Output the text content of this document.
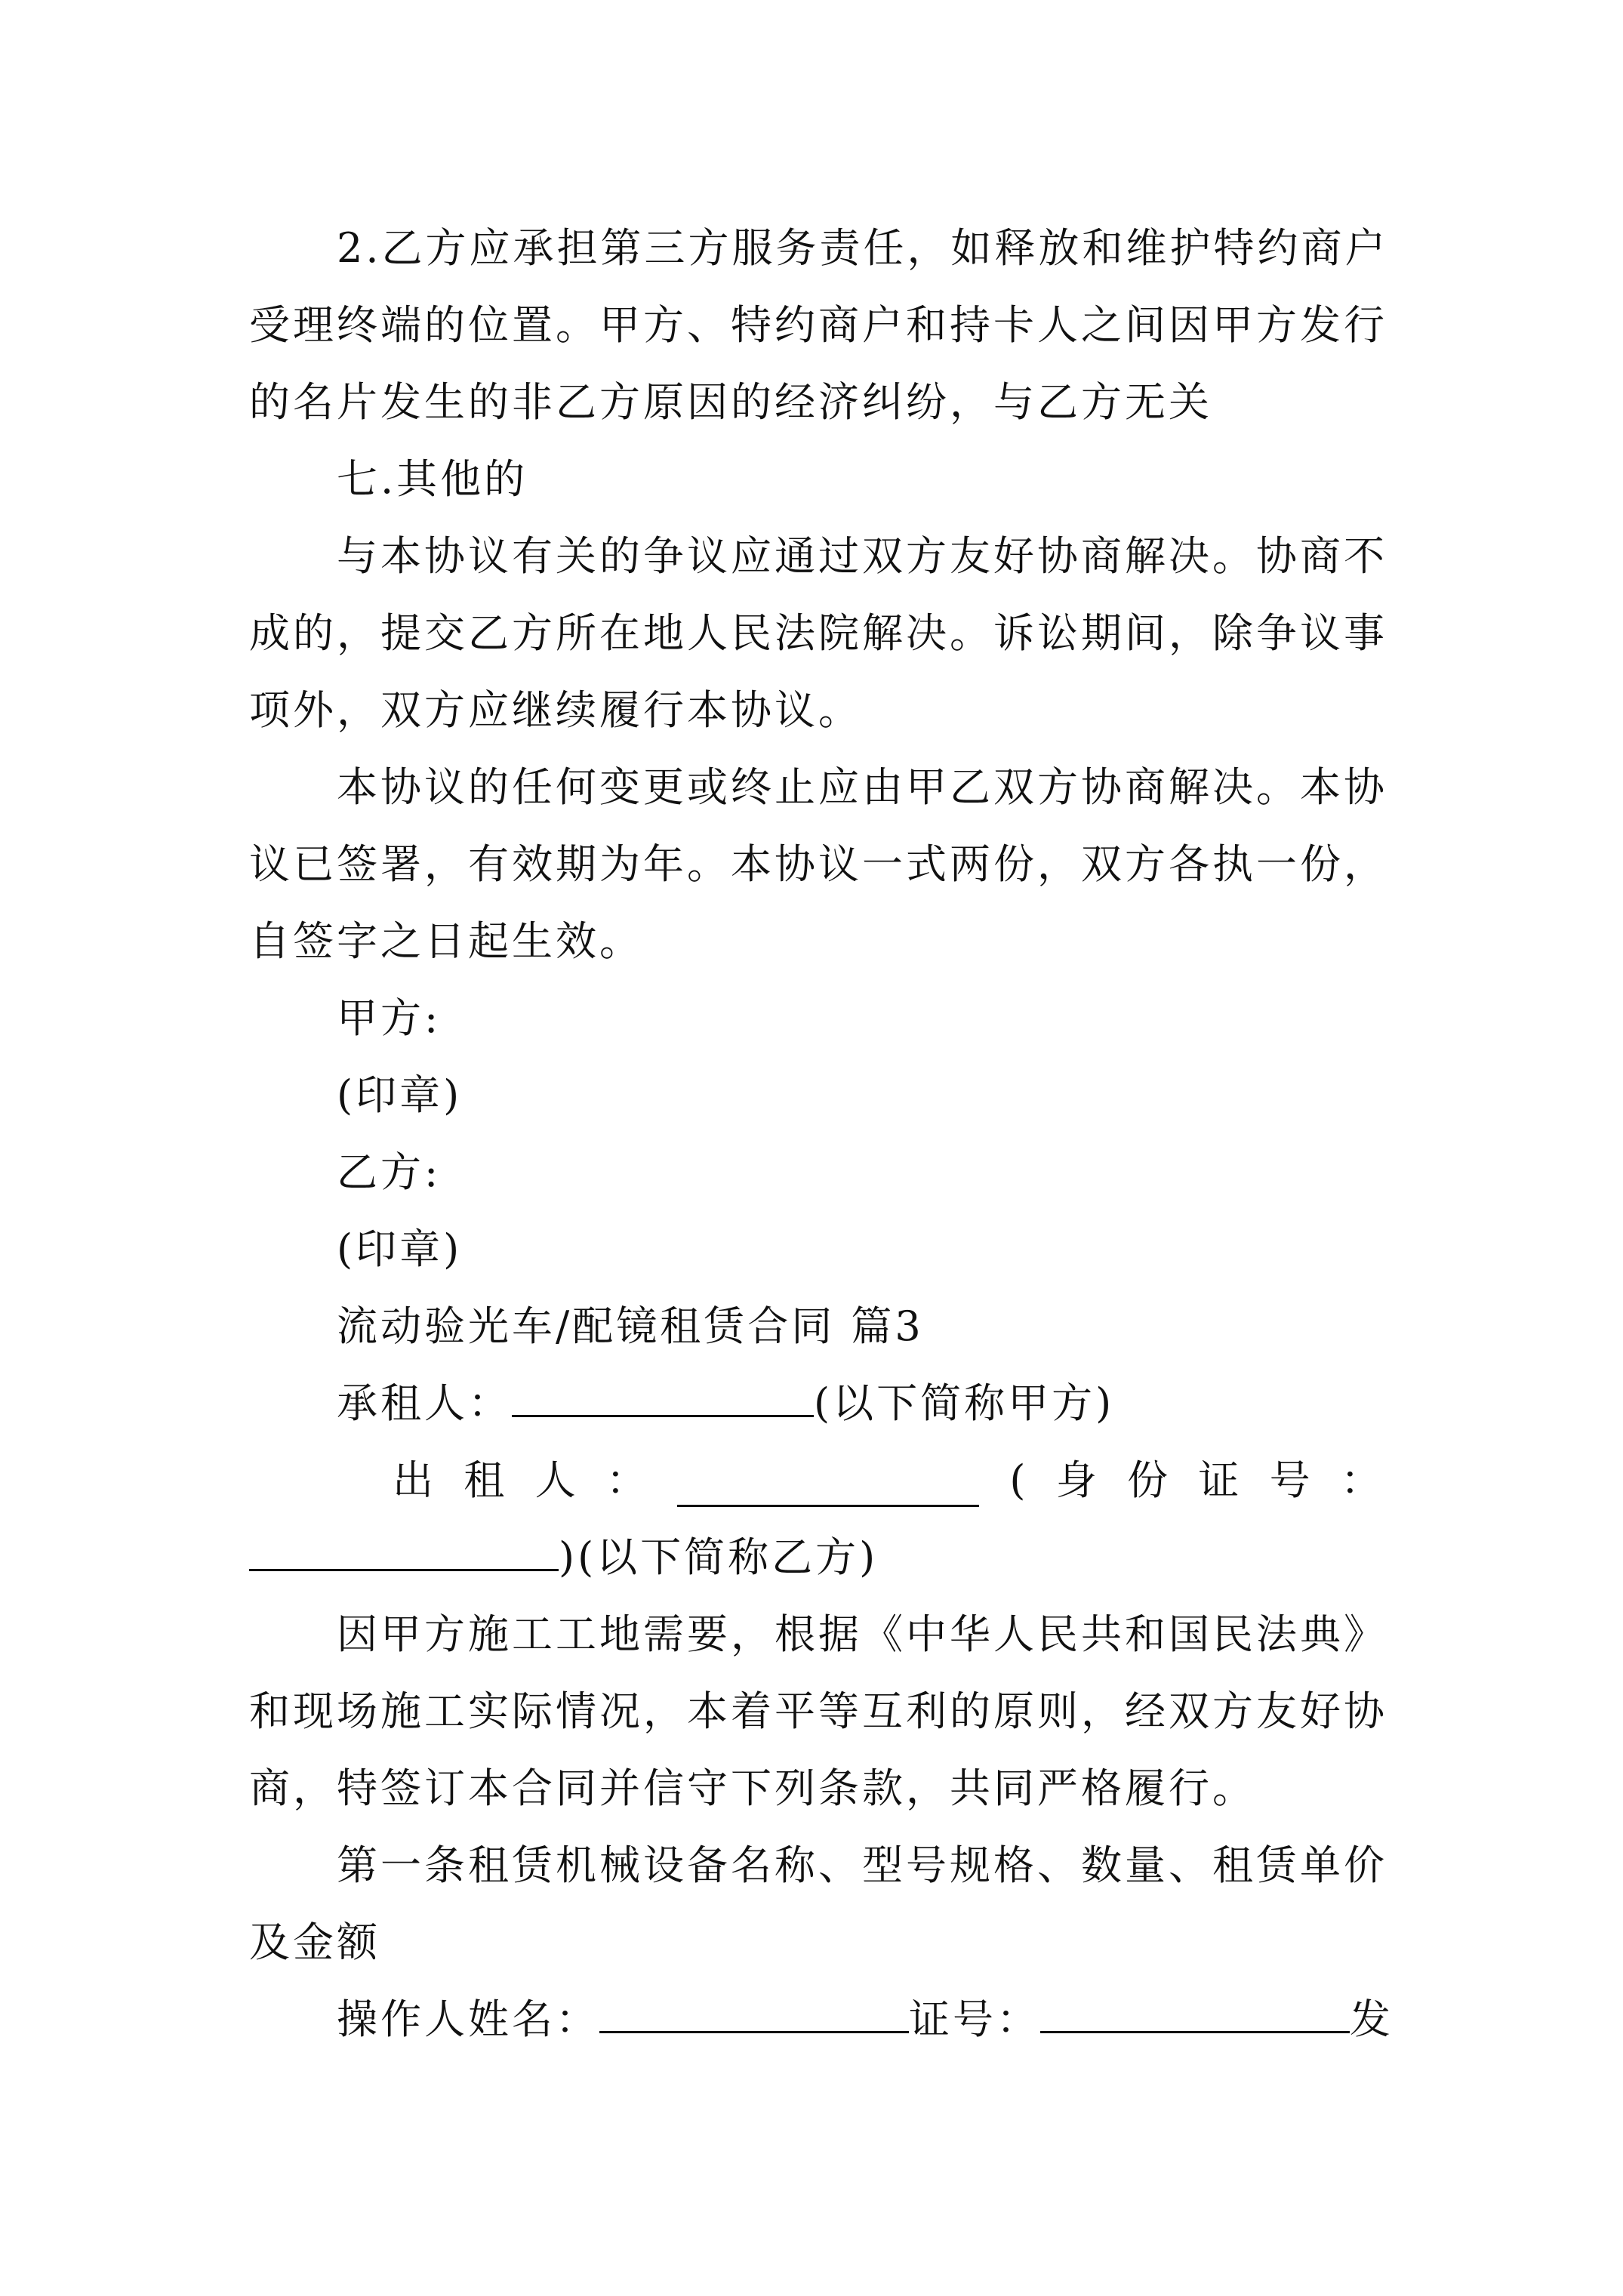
2.乙方应承担第三方服务责任，如释放和维护特约商户
受理终端的位置。甲方、特约商户和持卡人之间因甲方发行
的名片发生的非乙方原因的经济纠纷，与乙方无关
七.其他的
与本协议有关的争议应通过双方友好协商解决。协商不
成的，提交乙方所在地人民法院解决。诉讼期间，除争议事
项外，双方应继续履行本协议。
本协议的任何变更或终止应由甲乙双方协商解决。本协
议已签署，有效期为年。本协议一式两份，双方各执一份，
自签字之日起生效。
甲方:
(印章)
乙方:
(印章)
流动验光车/配镜租赁合同 篇3
承租人：	(以下简称甲方)
出 租 人 ：	( 身 份 证 号 ：
)(以下简称乙方)
因甲方施工工地需要，根据《中华人民共和国民法典》
和现场施工实际情况，本着平等互利的原则，经双方友好协
商，特签订本合同并信守下列条款，共同严格履行。
第一条租赁机械设备名称、型号规格、数量、租赁单价
及金额
操作人姓名：	证号：	发
